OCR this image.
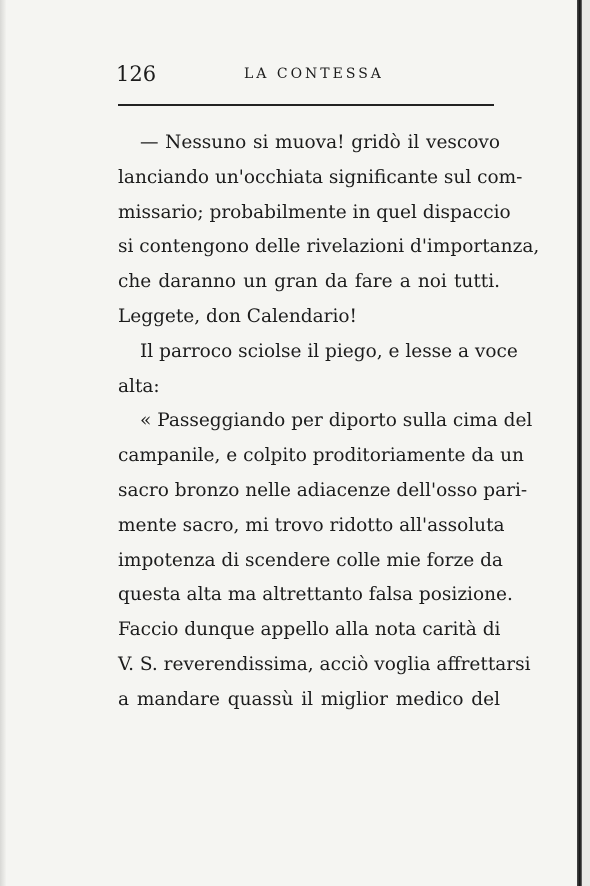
126	LA CONTESSA

— Nessuno si muova! gridò il vescovo
lanciando un'occhiata significante sul com-
missario; probabilmente in quel dispaccio
si contengono delle rivelazioni d'importanza,
che daranno un gran da fare a noi tutti.
Leggete, don Calendario!

Il parroco sciolse il piego, e lesse a voce
alta:

« Passeggiando per diporto sulla cima del
campanile, e colpito proditoriamente da un
sacro bronzo nelle adiacenze dell'osso pari-
mente sacro, mi trovo ridotto all'assoluta
impotenza di scendere colle mie forze da
questa alta ma altrettanto falsa posizione.
Faccio dunque appello alla nota carità di
V. S. reverendissima, acciò voglia affrettarsi
a mandare quassù il miglior medico del
